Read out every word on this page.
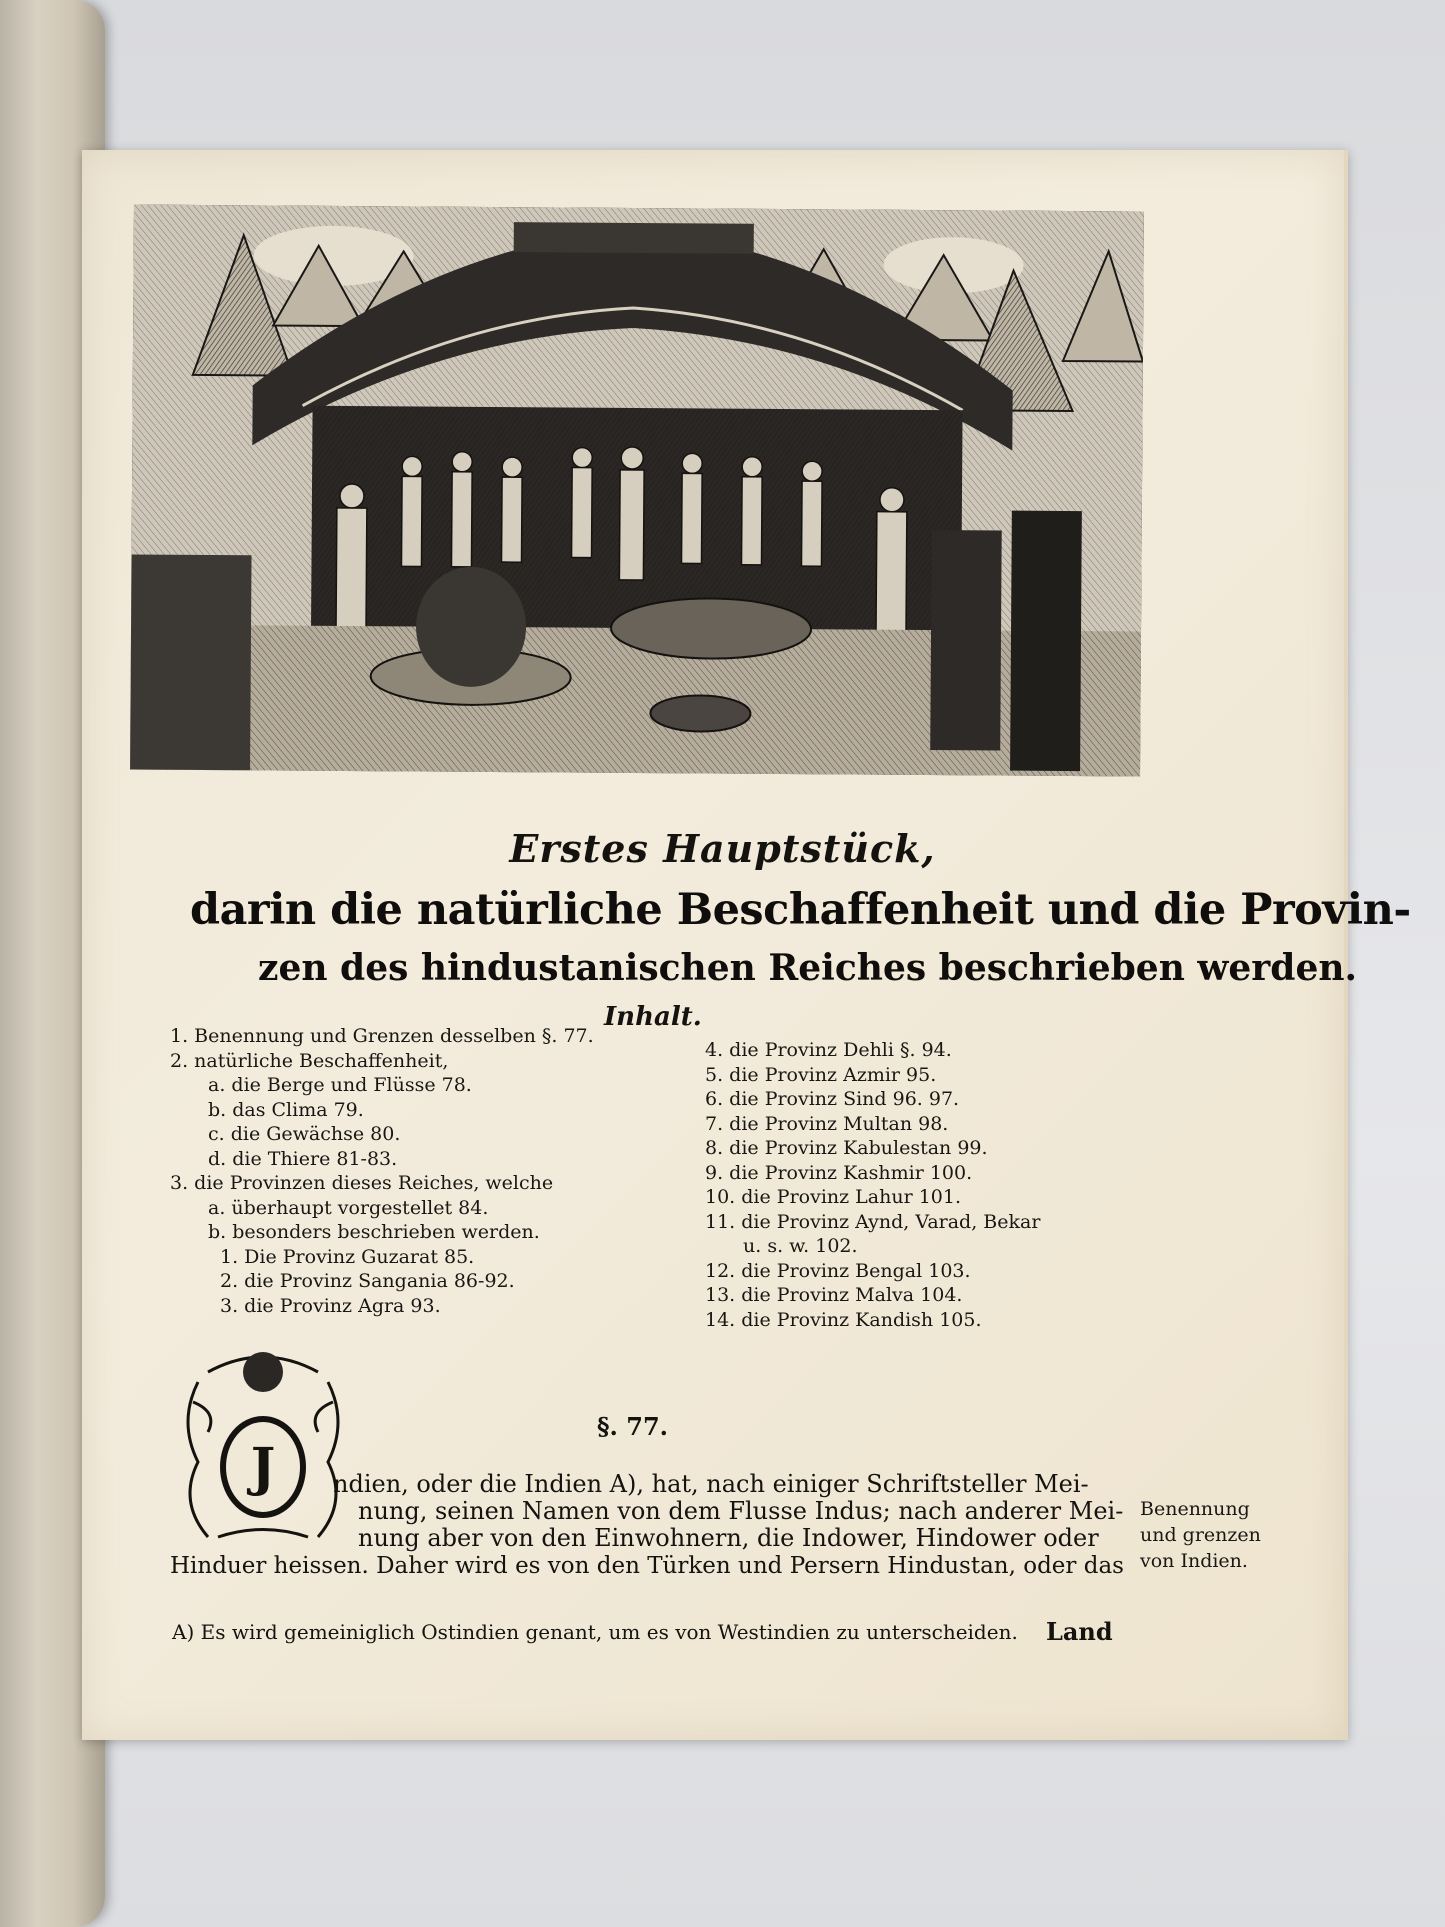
Erstes Hauptstück,
darin die natürliche Beschaffenheit und die Provin-
zen des hindustanischen Reiches beschrieben werden.
Inhalt.
1. Benennung und Grenzen desselben §. 77.
2. natürliche Beschaffenheit,
a. die Berge und Flüsse 78.
b. das Clima 79.
c. die Gewächse 80.
d. die Thiere 81-83.
3. die Provinzen dieses Reiches, welche
a. überhaupt vorgestellet 84.
b. besonders beschrieben werden.
1. Die Provinz Guzarat 85.
2. die Provinz Sangania 86-92.
3. die Provinz Agra 93.
4. die Provinz Dehli §. 94.
5. die Provinz Azmir 95.
6. die Provinz Sind 96. 97.
7. die Provinz Multan 98.
8. die Provinz Kabulestan 99.
9. die Provinz Kashmir 100.
10. die Provinz Lahur 101.
11. die Provinz Aynd, Varad, Bekar
u. s. w. 102.
12. die Provinz Bengal 103.
13. die Provinz Malva 104.
14. die Provinz Kandish 105.
J
§. 77.
ndien, oder die Indien A), hat, nach einiger Schriftsteller Mei-
nung, seinen Namen von dem Flusse Indus; nach anderer Mei-
nung aber von den Einwohnern, die Indower, Hindower oder
Hinduer heissen. Daher wird es von den Türken und Persern Hindustan, oder das
Benennung
und grenzen
von Indien.
Land
A) Es wird gemeiniglich Ostindien genant, um es von Westindien zu unterscheiden.
